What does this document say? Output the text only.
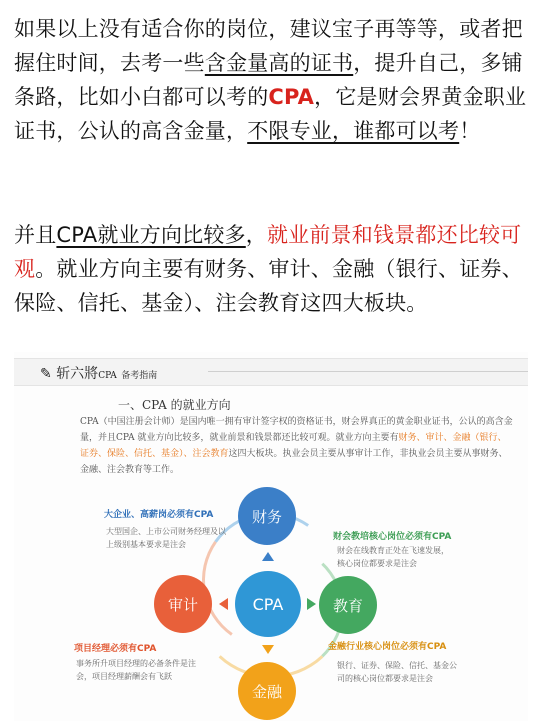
如果以上没有适合你的岗位，建议宝子再等等，或者把握住时间，去考一些含金量高的证书，提升自己，多铺条路，比如小白都可以考的CPA，它是财会界黄金职业证书，公认的高含金量，不限专业，谁都可以考！
并且CPA就业方向比较多，就业前景和钱景都还比较可观。就业方向主要有财务、审计、金融（银行、证券、保险、信托、基金）、注会教育这四大板块。
✎ 斩六將CPA 备考指南
一、CPA 的就业方向
CPA（中国注册会计师）是国内唯一拥有审计签字权的资格证书，财会界真正的黄金职业证书，公认的高含金量，并且CPA 就业方向比较多，就业前景和钱景都还比较可观。就业方向主要有财务、审计、金融（银行、证券、保险、信托、基金）、注会教育这四大板块。执业会员主要从事审计工作，非执业会员主要从事财务、金融、注会教育等工作。
财务
CPA
审计	教育
金融
大企业、高薪岗必须有CPA
大型国企、上市公司财务经理及以上级别基本要求是注会
财会教培核心岗位必须有CPA
财会在线教育正处在飞速发展，核心岗位都要求是注会
项目经理必须有CPA
事务所升项目经理的必备条件是注会，项目经理薪酬会有飞跃
金融行业核心岗位必须有CPA
银行、证券、保险、信托、基金公司的核心岗位都要求是注会
